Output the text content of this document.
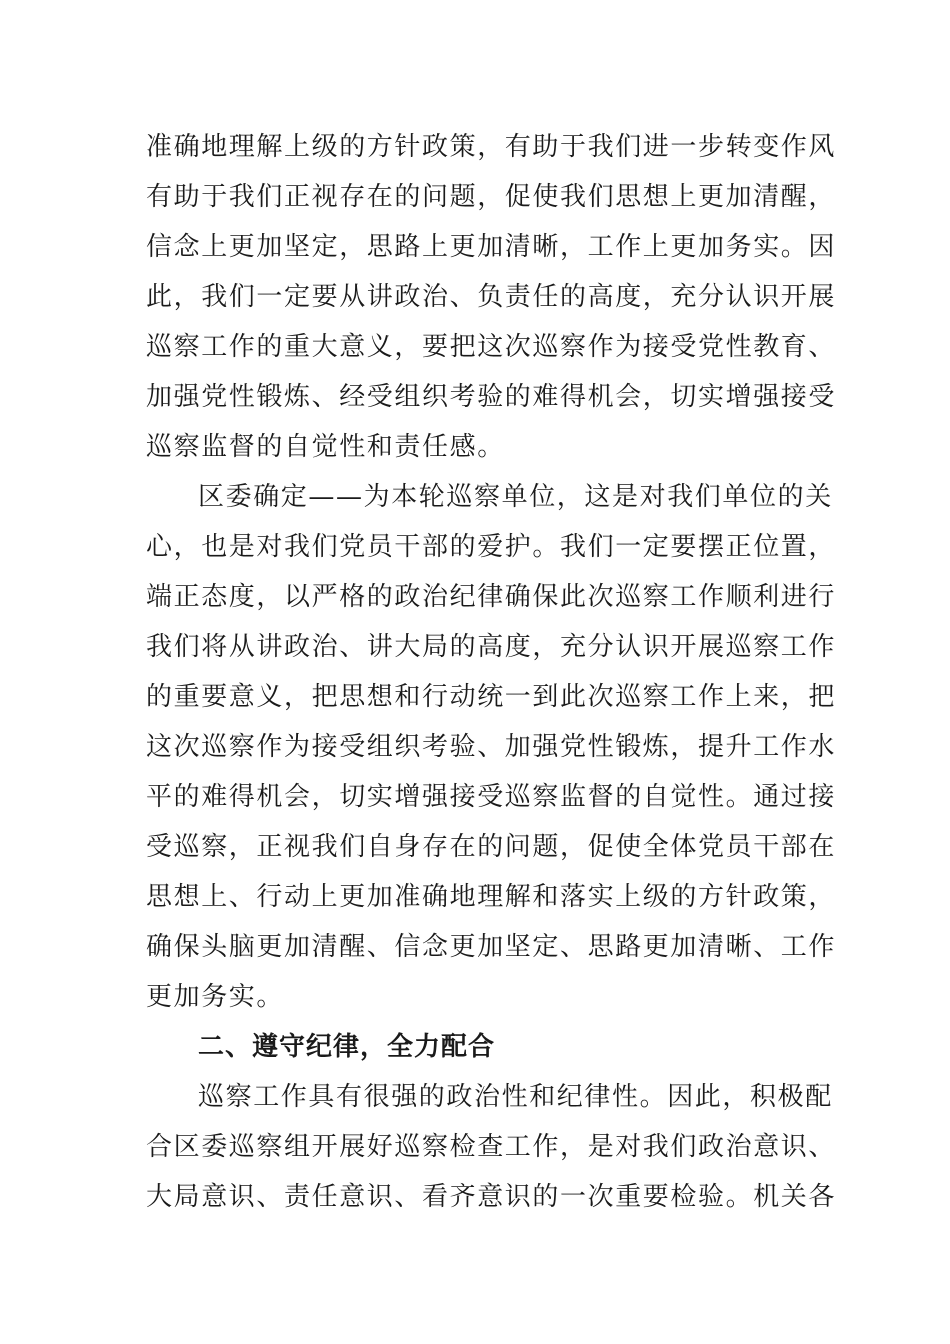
准确地理解上级的方针政策，有助于我们进一步转变作风
有助于我们正视存在的问题，促使我们思想上更加清醒，
信念上更加坚定，思路上更加清晰，工作上更加务实。因
此，我们一定要从讲政治、负责任的高度，充分认识开展
巡察工作的重大意义，要把这次巡察作为接受党性教育、
加强党性锻炼、经受组织考验的难得机会，切实增强接受
巡察监督的自觉性和责任感。
区委确定——为本轮巡察单位，这是对我们单位的关
心，也是对我们党员干部的爱护。我们一定要摆正位置，
端正态度，以严格的政治纪律确保此次巡察工作顺利进行
我们将从讲政治、讲大局的高度，充分认识开展巡察工作
的重要意义，把思想和行动统一到此次巡察工作上来，把
这次巡察作为接受组织考验、加强党性锻炼，提升工作水
平的难得机会，切实增强接受巡察监督的自觉性。通过接
受巡察，正视我们自身存在的问题，促使全体党员干部在
思想上、行动上更加准确地理解和落实上级的方针政策，
确保头脑更加清醒、信念更加坚定、思路更加清晰、工作
更加务实。
二、遵守纪律，全力配合
巡察工作具有很强的政治性和纪律性。因此，积极配
合区委巡察组开展好巡察检查工作，是对我们政治意识、
大局意识、责任意识、看齐意识的一次重要检验。机关各
